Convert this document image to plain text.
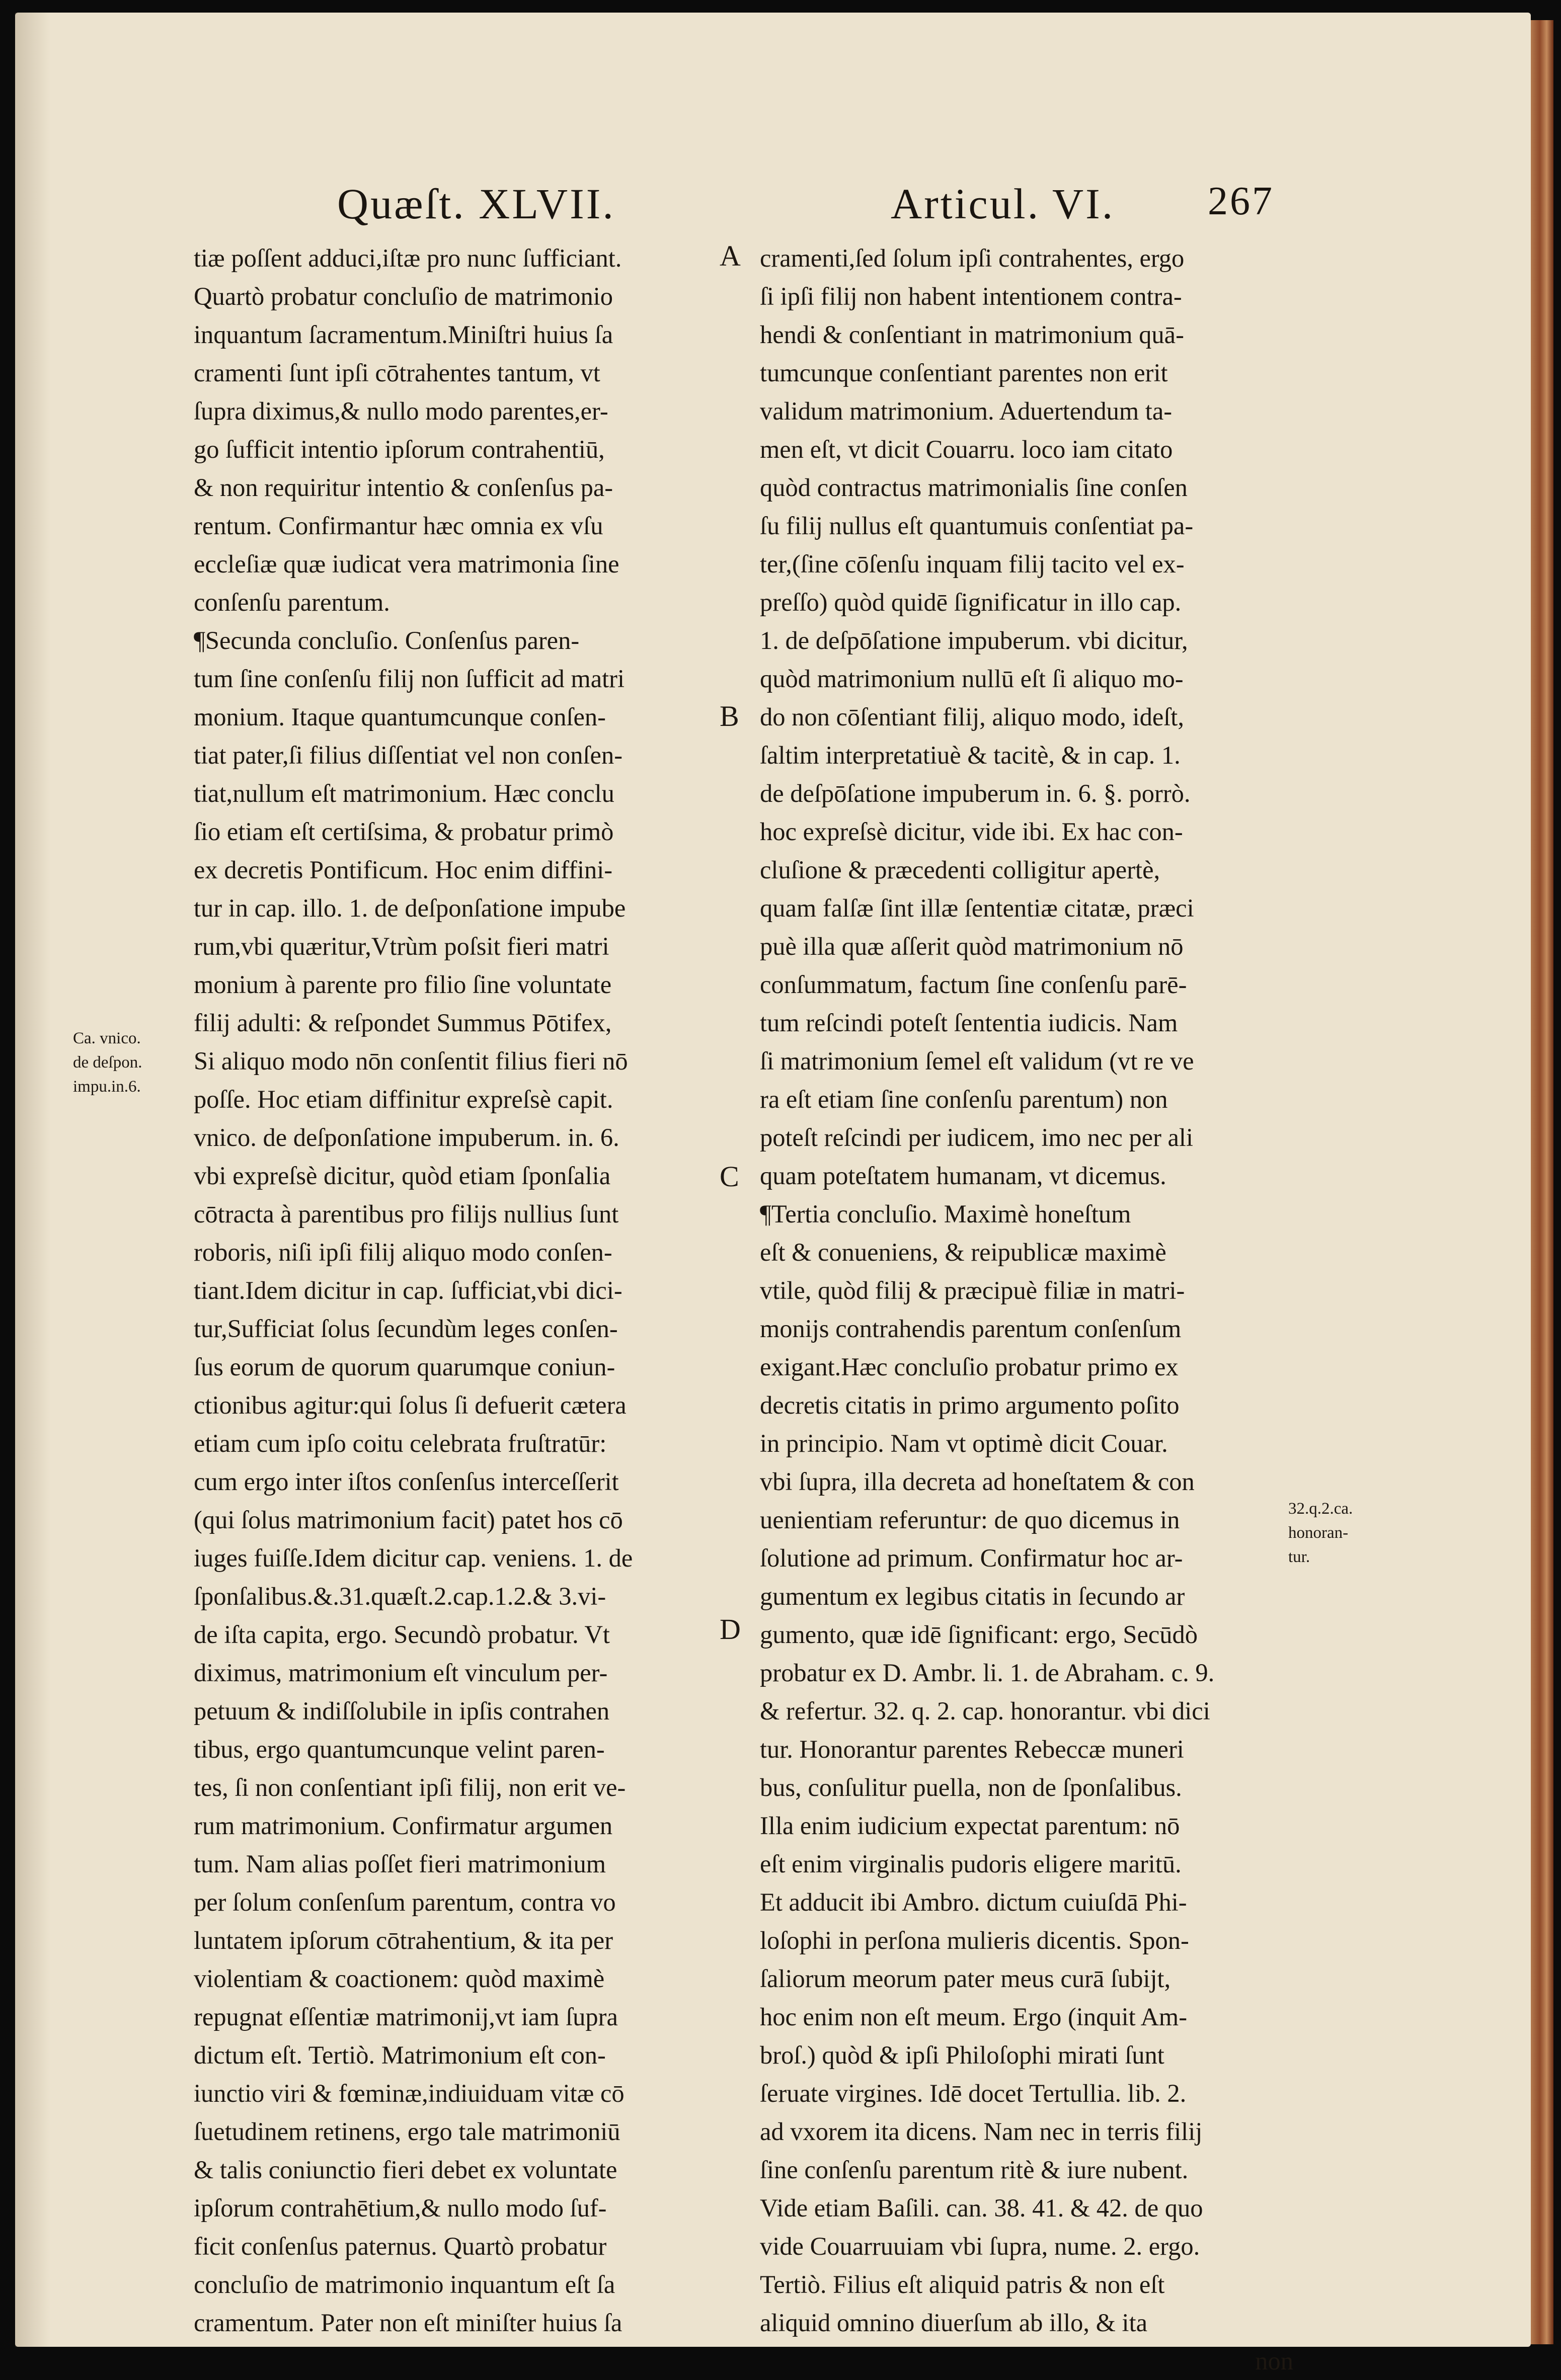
Quæſt. XLVII.	Articul. VI. 267
tiæ poſſent adduci,iſtæ pro nunc ſufficiant.
Quartò probatur concluſio de matrimonio
inquantum ſacramentum.Miniſtri huius ſa
cramenti ſunt ipſi cōtrahentes tantum, vt
ſupra diximus,& nullo modo parentes,er-
go ſufficit intentio ipſorum contrahentiū,
& non requiritur intentio & conſenſus pa-
rentum. Confirmantur hæc omnia ex vſu
eccleſiæ quæ iudicat vera matrimonia ſine
conſenſu parentum.
¶Secunda concluſio. Conſenſus paren-
tum ſine conſenſu filij non ſufficit ad matri
monium. Itaque quantumcunque conſen-
tiat pater,ſi filius diſſentiat vel non conſen-
tiat,nullum eſt matrimonium. Hæc conclu
ſio etiam eſt certiſsima, & probatur primò
ex decretis Pontificum. Hoc enim diffini-
tur in cap. illo. 1. de deſponſatione impube
rum,vbi quæritur,Vtrùm poſsit fieri matri
monium à parente pro filio ſine voluntate
filij adulti: & reſpondet Summus Pōtifex,
Si aliquo modo nōn conſentit filius fieri nō
poſſe. Hoc etiam diffinitur expreſsè capit.
vnico. de deſponſatione impuberum. in. 6.
vbi expreſsè dicitur, quòd etiam ſponſalia
cōtracta à parentibus pro filijs nullius ſunt
roboris, niſi ipſi filij aliquo modo conſen-
tiant.Idem dicitur in cap. ſufficiat,vbi dici-
tur,Sufficiat ſolus ſecundùm leges conſen-
ſus eorum de quorum quarumque coniun-
ctionibus agitur:qui ſolus ſi defuerit cætera
etiam cum ipſo coitu celebrata fruſtratūr:
cum ergo inter iſtos conſenſus interceſſerit
(qui ſolus matrimonium facit) patet hos cō
iuges fuiſſe.Idem dicitur cap. veniens. 1. de
ſponſalibus.&.31.quæſt.2.cap.1.2.& 3.vi-
de iſta capita, ergo. Secundò probatur. Vt
diximus, matrimonium eſt vinculum per-
petuum & indiſſolubile in ipſis contrahen
tibus, ergo quantumcunque velint paren-
tes, ſi non conſentiant ipſi filij, non erit ve-
rum matrimonium. Confirmatur argumen
tum. Nam alias poſſet fieri matrimonium
per ſolum conſenſum parentum, contra vo
luntatem ipſorum cōtrahentium, & ita per
violentiam & coactionem: quòd maximè
repugnat eſſentiæ matrimonij,vt iam ſupra
dictum eſt. Tertiò. Matrimonium eſt con-
iunctio viri & fœminæ,indiuiduam vitæ cō
ſuetudinem retinens, ergo tale matrimoniū
& talis coniunctio fieri debet ex voluntate
ipſorum contrahētium,& nullo modo ſuf-
ficit conſenſus paternus. Quartò probatur
concluſio de matrimonio inquantum eſt ſa
cramentum. Pater non eſt miniſter huius ſa
cramenti,ſed ſolum ipſi contrahentes, ergo
ſi ipſi filij non habent intentionem contra-
hendi & conſentiant in matrimonium quā-
tumcunque conſentiant parentes non erit
validum matrimonium. Aduertendum ta-
men eſt, vt dicit Couarru. loco iam citato
quòd contractus matrimonialis ſine conſen
ſu filij nullus eſt quantumuis conſentiat pa-
ter,(ſine cōſenſu inquam filij tacito vel ex-
preſſo) quòd quidē ſignificatur in illo cap.
1. de deſpōſatione impuberum. vbi dicitur,
quòd matrimonium nullū eſt ſi aliquo mo-
do non cōſentiant filij, aliquo modo, ideſt,
ſaltim interpretatiuè & tacitè, & in cap. 1.
de deſpōſatione impuberum in. 6. §. porrò.
hoc expreſsè dicitur, vide ibi. Ex hac con-
cluſione & præcedenti colligitur apertè,
quam falſæ ſint illæ ſententiæ citatæ, præci
puè illa quæ aſſerit quòd matrimonium nō
conſummatum, factum ſine conſenſu parē-
tum reſcindi poteſt ſententia iudicis. Nam
ſi matrimonium ſemel eſt validum (vt re ve
ra eſt etiam ſine conſenſu parentum) non
poteſt reſcindi per iudicem, imo nec per ali
quam poteſtatem humanam, vt dicemus.
¶Tertia concluſio. Maximè honeſtum
eſt & conueniens, & reipublicæ maximè
vtile, quòd filij & præcipuè filiæ in matri-
monijs contrahendis parentum conſenſum
exigant.Hæc concluſio probatur primo ex
decretis citatis in primo argumento poſito
in principio. Nam vt optimè dicit Couar.
vbi ſupra, illa decreta ad honeſtatem & con
uenientiam referuntur: de quo dicemus in
ſolutione ad primum. Confirmatur hoc ar-
gumentum ex legibus citatis in ſecundo ar
gumento, quæ idē ſignificant: ergo, Secūdò
probatur ex D. Ambr. li. 1. de Abraham. c. 9.
& refertur. 32. q. 2. cap. honorantur. vbi dici
tur. Honorantur parentes Rebeccæ muneri
bus, conſulitur puella, non de ſponſalibus.
Illa enim iudicium expectat parentum: nō
eſt enim virginalis pudoris eligere maritū.
Et adducit ibi Ambro. dictum cuiuſdā Phi-
loſophi in perſona mulieris dicentis. Spon-
ſaliorum meorum pater meus curā ſubijt,
hoc enim non eſt meum. Ergo (inquit Am-
broſ.) quòd & ipſi Philoſophi mirati ſunt
ſeruate virgines. Idē docet Tertullia. lib. 2.
ad vxorem ita dicens. Nam nec in terris filij
ſine conſenſu parentum ritè & iure nubent.
Vide etiam Baſili. can. 38. 41. & 42. de quo
vide Couarruuiam vbi ſupra, nume. 2. ergo.
Tertiò. Filius eſt aliquid patris & non eſt
aliquid omnino diuerſum ab illo, & ita
non
A
B
C
D
Ca. vnico.
de deſpon.
impu.in.6.
32.q.2.ca.
honoran-
tur.
